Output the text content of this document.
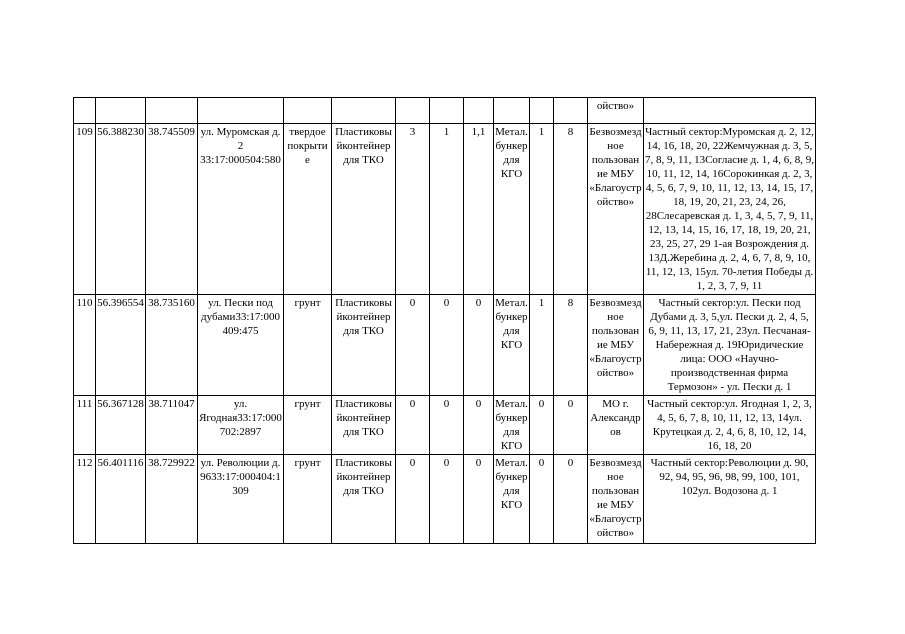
												ойство»	

109	56.388230	38.745509	ул. Муромская д. 2 33:17:000504:580	твердое покрытие	Пластиковы йконтейнер для ТКО	3	1	1,1	Метал. бункер для КГО	1	8	Безвозмездное пользование МБУ «Благоустройство»	Частный сектор:Муромская д. 2, 12, 14, 16, 18, 20, 22Жемчужная д. 3, 5, 7, 8, 9, 11, 13Согласие д. 1, 4, 6, 8, 9, 10, 11, 12, 14, 16Сорокинкая д. 2, 3, 4, 5, 6, 7, 9, 10, 11, 12, 13, 14, 15, 17, 18, 19, 20, 21, 23, 24, 26, 28Слесаревская д. 1, 3, 4, 5, 7, 9, 11, 12, 13, 14, 15, 16, 17, 18, 19, 20, 21, 23, 25, 27, 29 1-ая Возрождения д. 13Д.Жеребина д. 2, 4, 6, 7, 8, 9, 10, 11, 12, 13, 15ул. 70-летия Победы д. 1, 2, 3, 7, 9, 11
110	56.396554	38.735160	ул. Пески под дубами33:17:000409:475	грунт	Пластиковы йконтейнер для ТКО	0	0	0	Метал. бункер для КГО	1	8	Безвозмездное пользование МБУ «Благоустройство»	Частный сектор:ул. Пески под Дубами д. 3, 5,ул. Пески д. 2, 4, 5, 6, 9, 11, 13, 17, 21, 23ул. Песчаная-Набережная д. 19Юридические лица: ООО «Научно-производственная фирма Термозон» - ул. Пески д. 1
111	56.367128	38.711047	ул. Ягодная33:17:000702:2897	грунт	Пластиковы йконтейнер для ТКО	0	0	0	Метал. бункер для КГО	0	0	МО г. Александров	Частный сектор:ул. Ягодная 1, 2, 3, 4, 5, 6, 7, 8, 10, 11, 12, 13, 14ул. Крутецкая д. 2, 4, 6, 8, 10, 12, 14, 16, 18, 20
112	56.401116	38.729922	ул. Революции д. 9633:17:000404:1309	грунт	Пластиковы йконтейнер для ТКО	0	0	0	Метал. бункер для КГО	0	0	Безвозмездное пользование МБУ «Благоустройство»	Частный сектор:Революции д. 90, 92, 94, 95, 96, 98, 99, 100, 101, 102ул. Водозона д. 1
